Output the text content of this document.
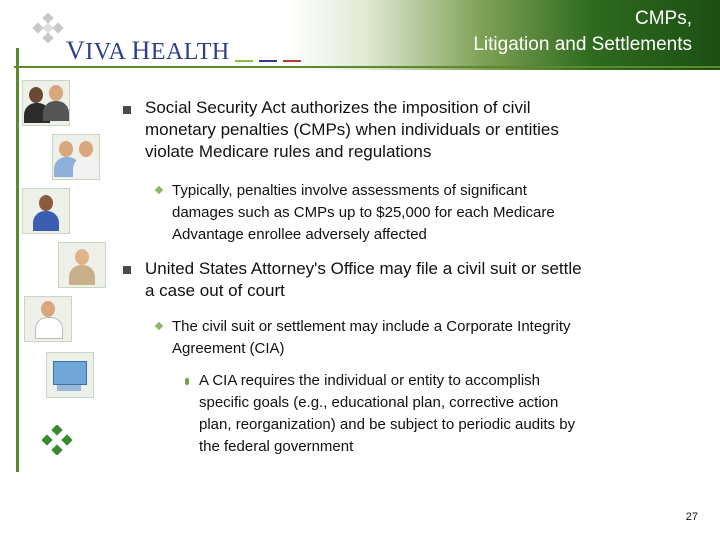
CMPs,
Litigation and Settlements
VIVA HEALTH
Social Security Act authorizes the imposition of civil
monetary penalties (CMPs) when individuals or entities
violate Medicare rules and regulations
Typically, penalties involve assessments of significant
damages such as CMPs up to $25,000 for each Medicare
Advantage enrollee adversely affected
United States Attorney's Office may file a civil suit or settle
a case out of court
The civil suit or settlement may include a Corporate Integrity
Agreement (CIA)
A CIA requires the individual or entity to accomplish
specific goals (e.g., educational plan, corrective action
plan, reorganization) and be subject to periodic audits by
the federal government
27
